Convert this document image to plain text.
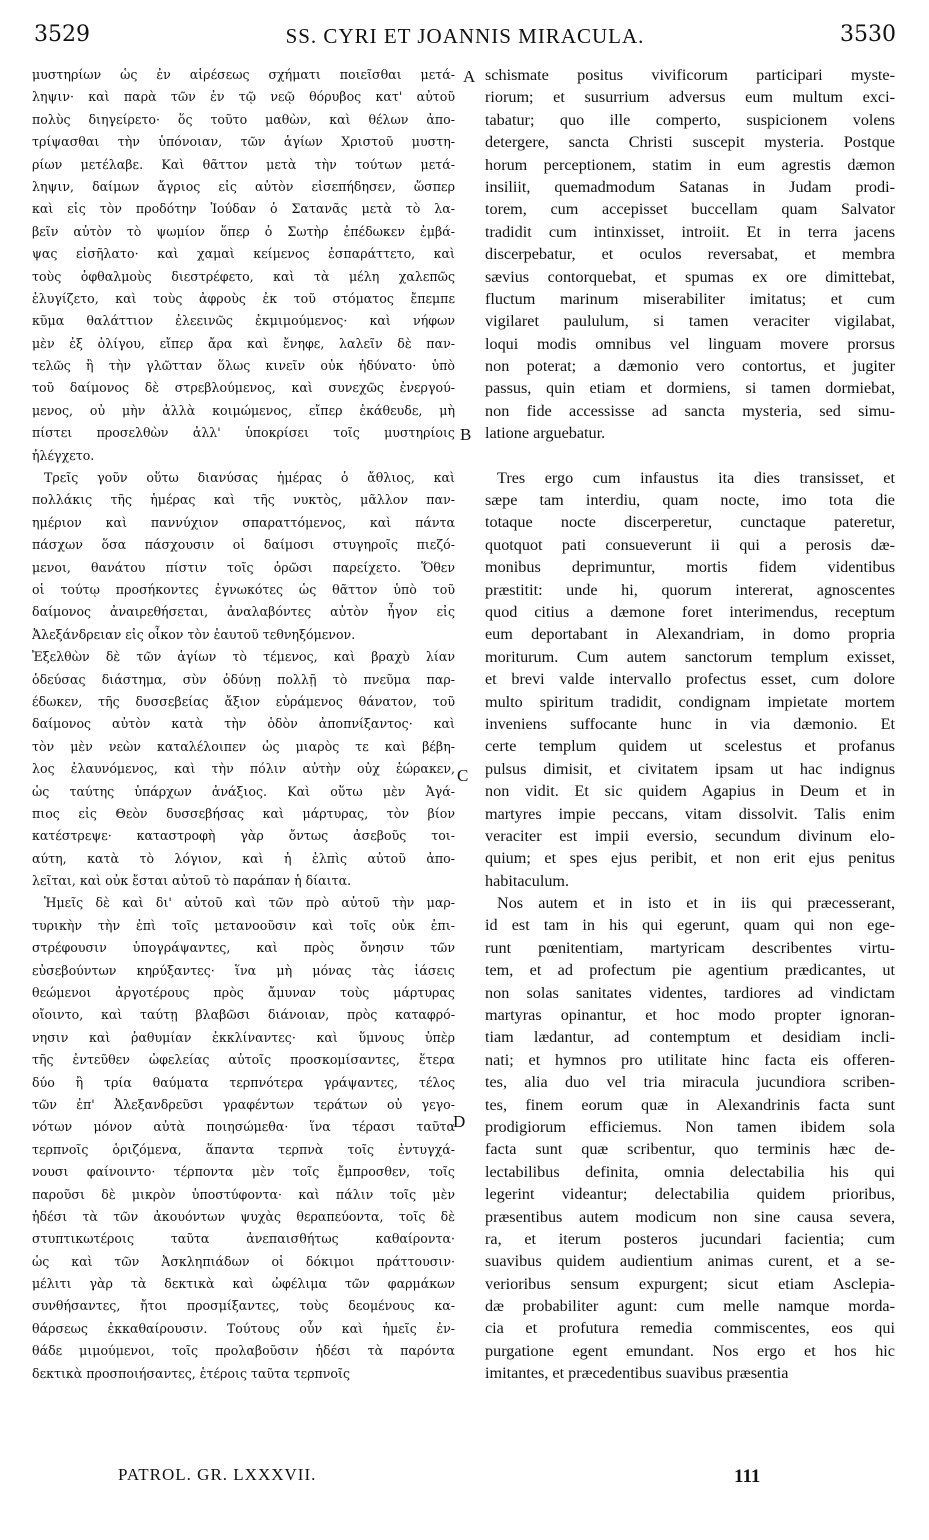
3529	SS. CYRI ET JOANNIS MIRACULA.	3530
μυστηρίων ὡς ἐν αἱρέσεως σχήματι ποιεῖσθαι μετά-
ληψιν· καὶ παρὰ τῶν ἐν τῷ νεῷ θόρυβος κατ' αὐτοῦ
πολὺς διηγείρετο· ὅς τοῦτο μαθὼν, καὶ θέλων ἀπο-
τρίψασθαι τὴν ὑπόνοιαν, τῶν ἁγίων Χριστοῦ μυστη-
ρίων μετέλαβε. Καὶ θᾶττον μετὰ τὴν τούτων μετά-
ληψιν, δαίμων ἄγριος εἰς αὐτὸν εἰσεπήδησεν, ὥσπερ
καὶ εἰς τὸν προδότην Ἰούδαν ὁ Σατανᾶς μετὰ τὸ λα-
βεῖν αὐτὸν τὸ ψωμίον ὅπερ ὁ Σωτὴρ ἐπέδωκεν ἐμβά-
ψας εἰσῆλατο· καὶ χαμαὶ κείμενος ἐσπαράττετο, καὶ
τοὺς ὀφθαλμοὺς διεστρέφετο, καὶ τὰ μέλη χαλεπῶς
ἐλυγίζετο, καὶ τοὺς ἀφροὺς ἐκ τοῦ στόματος ἔπεμπε
κῦμα θαλάττιον ἐλεεινῶς ἐκμιμούμενος· καὶ νήφων
μὲν ἐξ ὀλίγου, εἴπερ ἄρα καὶ ἔνηφε, λαλεῖν δὲ παν-
τελῶς ἢ τὴν γλῶτταν ὅλως κινεῖν οὐκ ἠδύνατο· ὑπὸ
τοῦ δαίμονος δὲ στρεβλούμενος, καὶ συνεχῶς ἐνεργού-
μενος, οὐ μὴν ἀλλὰ κοιμώμενος, εἴπερ ἐκάθευδε, μὴ
πίστει προσελθὼν ἀλλ' ὑποκρίσει τοῖς μυστηρίοις
ἠλέγχετο.
Τρεῖς γοῦν οὕτω διανύσας ἡμέρας ὁ ἄθλιος, καὶ
πολλάκις τῆς ἡμέρας καὶ τῆς νυκτὸς, μᾶλλον παν-
ημέριον καὶ παννύχιον σπαραττόμενος, καὶ πάντα
πάσχων ὅσα πάσχουσιν οἱ δαίμοσι στυγηροῖς πιεζό-
μενοι, θανάτου πίστιν τοῖς ὁρῶσι παρείχετο. Ὅθεν
οἱ τούτῳ προσήκοντες ἐγνωκότες ὡς θᾶττον ὑπὸ τοῦ
δαίμονος ἀναιρεθήσεται, ἀναλαβόντες αὐτὸν ἦγον εἰς
Ἀλεξάνδρειαν εἰς οἶκον τὸν ἑαυτοῦ τεθνηξόμενον.
Ἐξελθὼν δὲ τῶν ἁγίων τὸ τέμενος, καὶ βραχὺ λίαν
ὁδεύσας διάστημα, σὺν ὀδύνῃ πολλῇ τὸ πνεῦμα παρ-
έδωκεν, τῆς δυσσεβείας ἄξιον εὑράμενος θάνατον, τοῦ
δαίμονος αὐτὸν κατὰ τὴν ὁδὸν ἀποπνίξαντος· καὶ
τὸν μὲν νεὼν καταλέλοιπεν ὡς μιαρὸς τε καὶ βέβη-
λος ἐλαυνόμενος, καὶ τὴν πόλιν αὐτὴν οὐχ ἑώρακεν,
ὡς ταύτης ὑπάρχων ἀνάξιος. Καὶ οὕτω μὲν Ἀγά-
πιος εἰς Θεὸν δυσσεβήσας καὶ μάρτυρας, τὸν βίον
κατέστρεψε· καταστροφὴ γὰρ ὄντως ἀσεβοῦς τοι-
αύτη, κατὰ τὸ λόγιον, καὶ ἡ ἐλπὶς αὐτοῦ ἀπο-
λεῖται, καὶ οὐκ ἔσται αὐτοῦ τὸ παράπαν ἡ δίαιτα.
Ἡμεῖς δὲ καὶ δι' αὐτοῦ καὶ τῶν πρὸ αὐτοῦ τὴν μαρ-
τυρικὴν τὴν ἐπὶ τοῖς μετανοοῦσιν καὶ τοῖς οὐκ ἐπι-
στρέφουσιν ὑπογράψαντες, καὶ πρὸς ὄνησιν τῶν
εὐσεβούντων κηρύξαντες· ἵνα μὴ μόνας τὰς ἰάσεις
θεώμενοι ἀργοτέρους πρὸς ἄμυναν τοὺς μάρτυρας
οἴοιντο, καὶ ταύτῃ βλαβῶσι διάνοιαν, πρὸς καταφρό-
νησιν καὶ ῥαθυμίαν ἐκκλίναντες· καὶ ὕμνους ὑπὲρ
τῆς ἐντεῦθεν ὠφελείας αὐτοῖς προσκομίσαντες, ἕτερα
δύο ἢ τρία θαύματα τερπνότερα γράψαντες, τέλος
τῶν ἐπ' Ἀλεξανδρεῦσι γραφέντων τεράτων οὐ γεγο-
νότων μόνον αὐτὰ ποιησώμεθα· ἵνα τέρασι ταῦτα
τερπνοῖς ὁριζόμενα, ἅπαντα τερπνὰ τοῖς ἐντυγχά-
νουσι φαίνοιντο· τέρποντα μὲν τοῖς ἔμπροσθεν, τοῖς
παροῦσι δὲ μικρὸν ὑποστύφοντα· καὶ πάλιν τοῖς μὲν
ἡδέσι τὰ τῶν ἀκουόντων ψυχὰς θεραπεύοντα, τοῖς δὲ
στυπτικωτέροις ταῦτα ἀνεπαισθήτως καθαίροντα·
ὡς καὶ τῶν Ἀσκληπιάδων οἱ δόκιμοι πράττουσιν·
μέλιτι γὰρ τὰ δεκτικὰ καὶ ὠφέλιμα τῶν φαρμάκων
συνθήσαντες, ἤτοι προσμίξαντες, τοὺς δεομένους κα-
θάρσεως ἐκκαθαίρουσιν. Τούτους οὖν καὶ ἡμεῖς ἐν-
θάδε μιμούμενοι, τοῖς προλαβοῦσιν ἡδέσι τὰ παρόντα
δεκτικὰ προσποιήσαντες, ἑτέροις ταῦτα τερπνοῖς
schismate positus vivificorum participari myste-
riorum; et susurrium adversus eum multum exci-
tabatur; quo ille comperto, suspicionem volens
detergere, sancta Christi suscepit mysteria. Postque
horum perceptionem, statim in eum agrestis dæmon
insiliit, quemadmodum Satanas in Judam prodi-
torem, cum accepisset buccellam quam Salvator
tradidit cum intinxisset, introiit. Et in terra jacens
discerpebatur, et oculos reversabat, et membra
sævius contorquebat, et spumas ex ore dimittebat,
fluctum marinum miserabiliter imitatus; et cum
vigilaret paululum, si tamen veraciter vigilabat,
loqui modis omnibus vel linguam movere prorsus
non poterat; a dæmonio vero contortus, et jugiter
passus, quin etiam et dormiens, si tamen dormiebat,
non fide accessisse ad sancta mysteria, sed simu-
latione arguebatur.
Tres ergo cum infaustus ita dies transisset, et
sæpe tam interdiu, quam nocte, imo tota die
totaque nocte discerperetur, cunctaque pateretur,
quotquot pati consueverunt ii qui a perosis dæ-
monibus deprimuntur, mortis fidem videntibus
præstitit: unde hi, quorum intererat, agnoscentes
quod citius a dæmone foret interimendus, receptum
eum deportabant in Alexandriam, in domo propria
moriturum. Cum autem sanctorum templum exisset,
et brevi valde intervallo profectus esset, cum dolore
multo spiritum tradidit, condignam impietate mortem
inveniens suffocante hunc in via dæmonio. Et
certe templum quidem ut scelestus et profanus
pulsus dimisit, et civitatem ipsam ut hac indignus
non vidit. Et sic quidem Agapius in Deum et in
martyres impie peccans, vitam dissolvit. Talis enim
veraciter est impii eversio, secundum divinum elo-
quium; et spes ejus peribit, et non erit ejus penitus
habitaculum.
Nos autem et in isto et in iis qui præcesserant,
id est tam in his qui egerunt, quam qui non ege-
runt pœnitentiam, martyricam describentes virtu-
tem, et ad profectum pie agentium prædicantes, ut
non solas sanitates videntes, tardiores ad vindictam
martyras opinantur, et hoc modo propter ignoran-
tiam lædantur, ad contemptum et desidiam incli-
nati; et hymnos pro utilitate hinc facta eis offeren-
tes, alia duo vel tria miracula jucundiora scriben-
tes, finem eorum quæ in Alexandrinis facta sunt
prodigiorum efficiemus. Non tamen ibidem sola
facta sunt quæ scribentur, quo terminis hæc de-
lectabilibus definita, omnia delectabilia his qui
legerint videantur; delectabilia quidem prioribus,
præsentibus autem modicum non sine causa severa,
ra, et iterum posteros jucundari facientia; cum
suavibus quidem audientium animas curent, et a se-
verioribus sensum expurgent; sicut etiam Asclepia-
dæ probabiliter agunt: cum melle namque mordа-
cia et profutura remedia commiscentes, eos qui
purgatione egent emundant. Nos ergo et hos hic
imitantes, et præcedentibus suavibus præsentia
A
B
C
D
PATROL. GR. LXXXVII.	111
